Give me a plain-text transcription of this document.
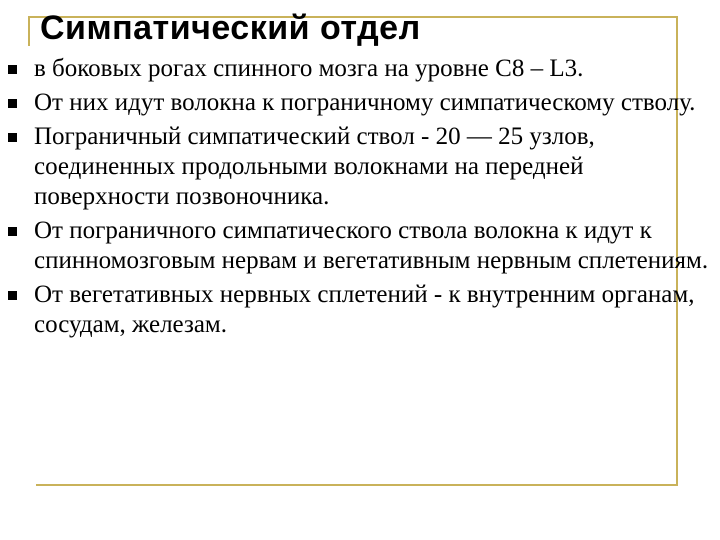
Симпатический отдел
в боковых рогах спинного мозга на уровне С8 – L3.
От них идут волокна к пограничному симпатическому стволу.
Пограничный симпатический ствол - 20 — 25 узлов, соединенных продольными волокнами на передней поверхности позвоночника.
От пограничного симпатического ствола волокна к идут к спинномозговым нервам и вегетативным нервным сплетениям.
От вегетативных нервных сплетений - к внутренним органам, сосудам, железам.
